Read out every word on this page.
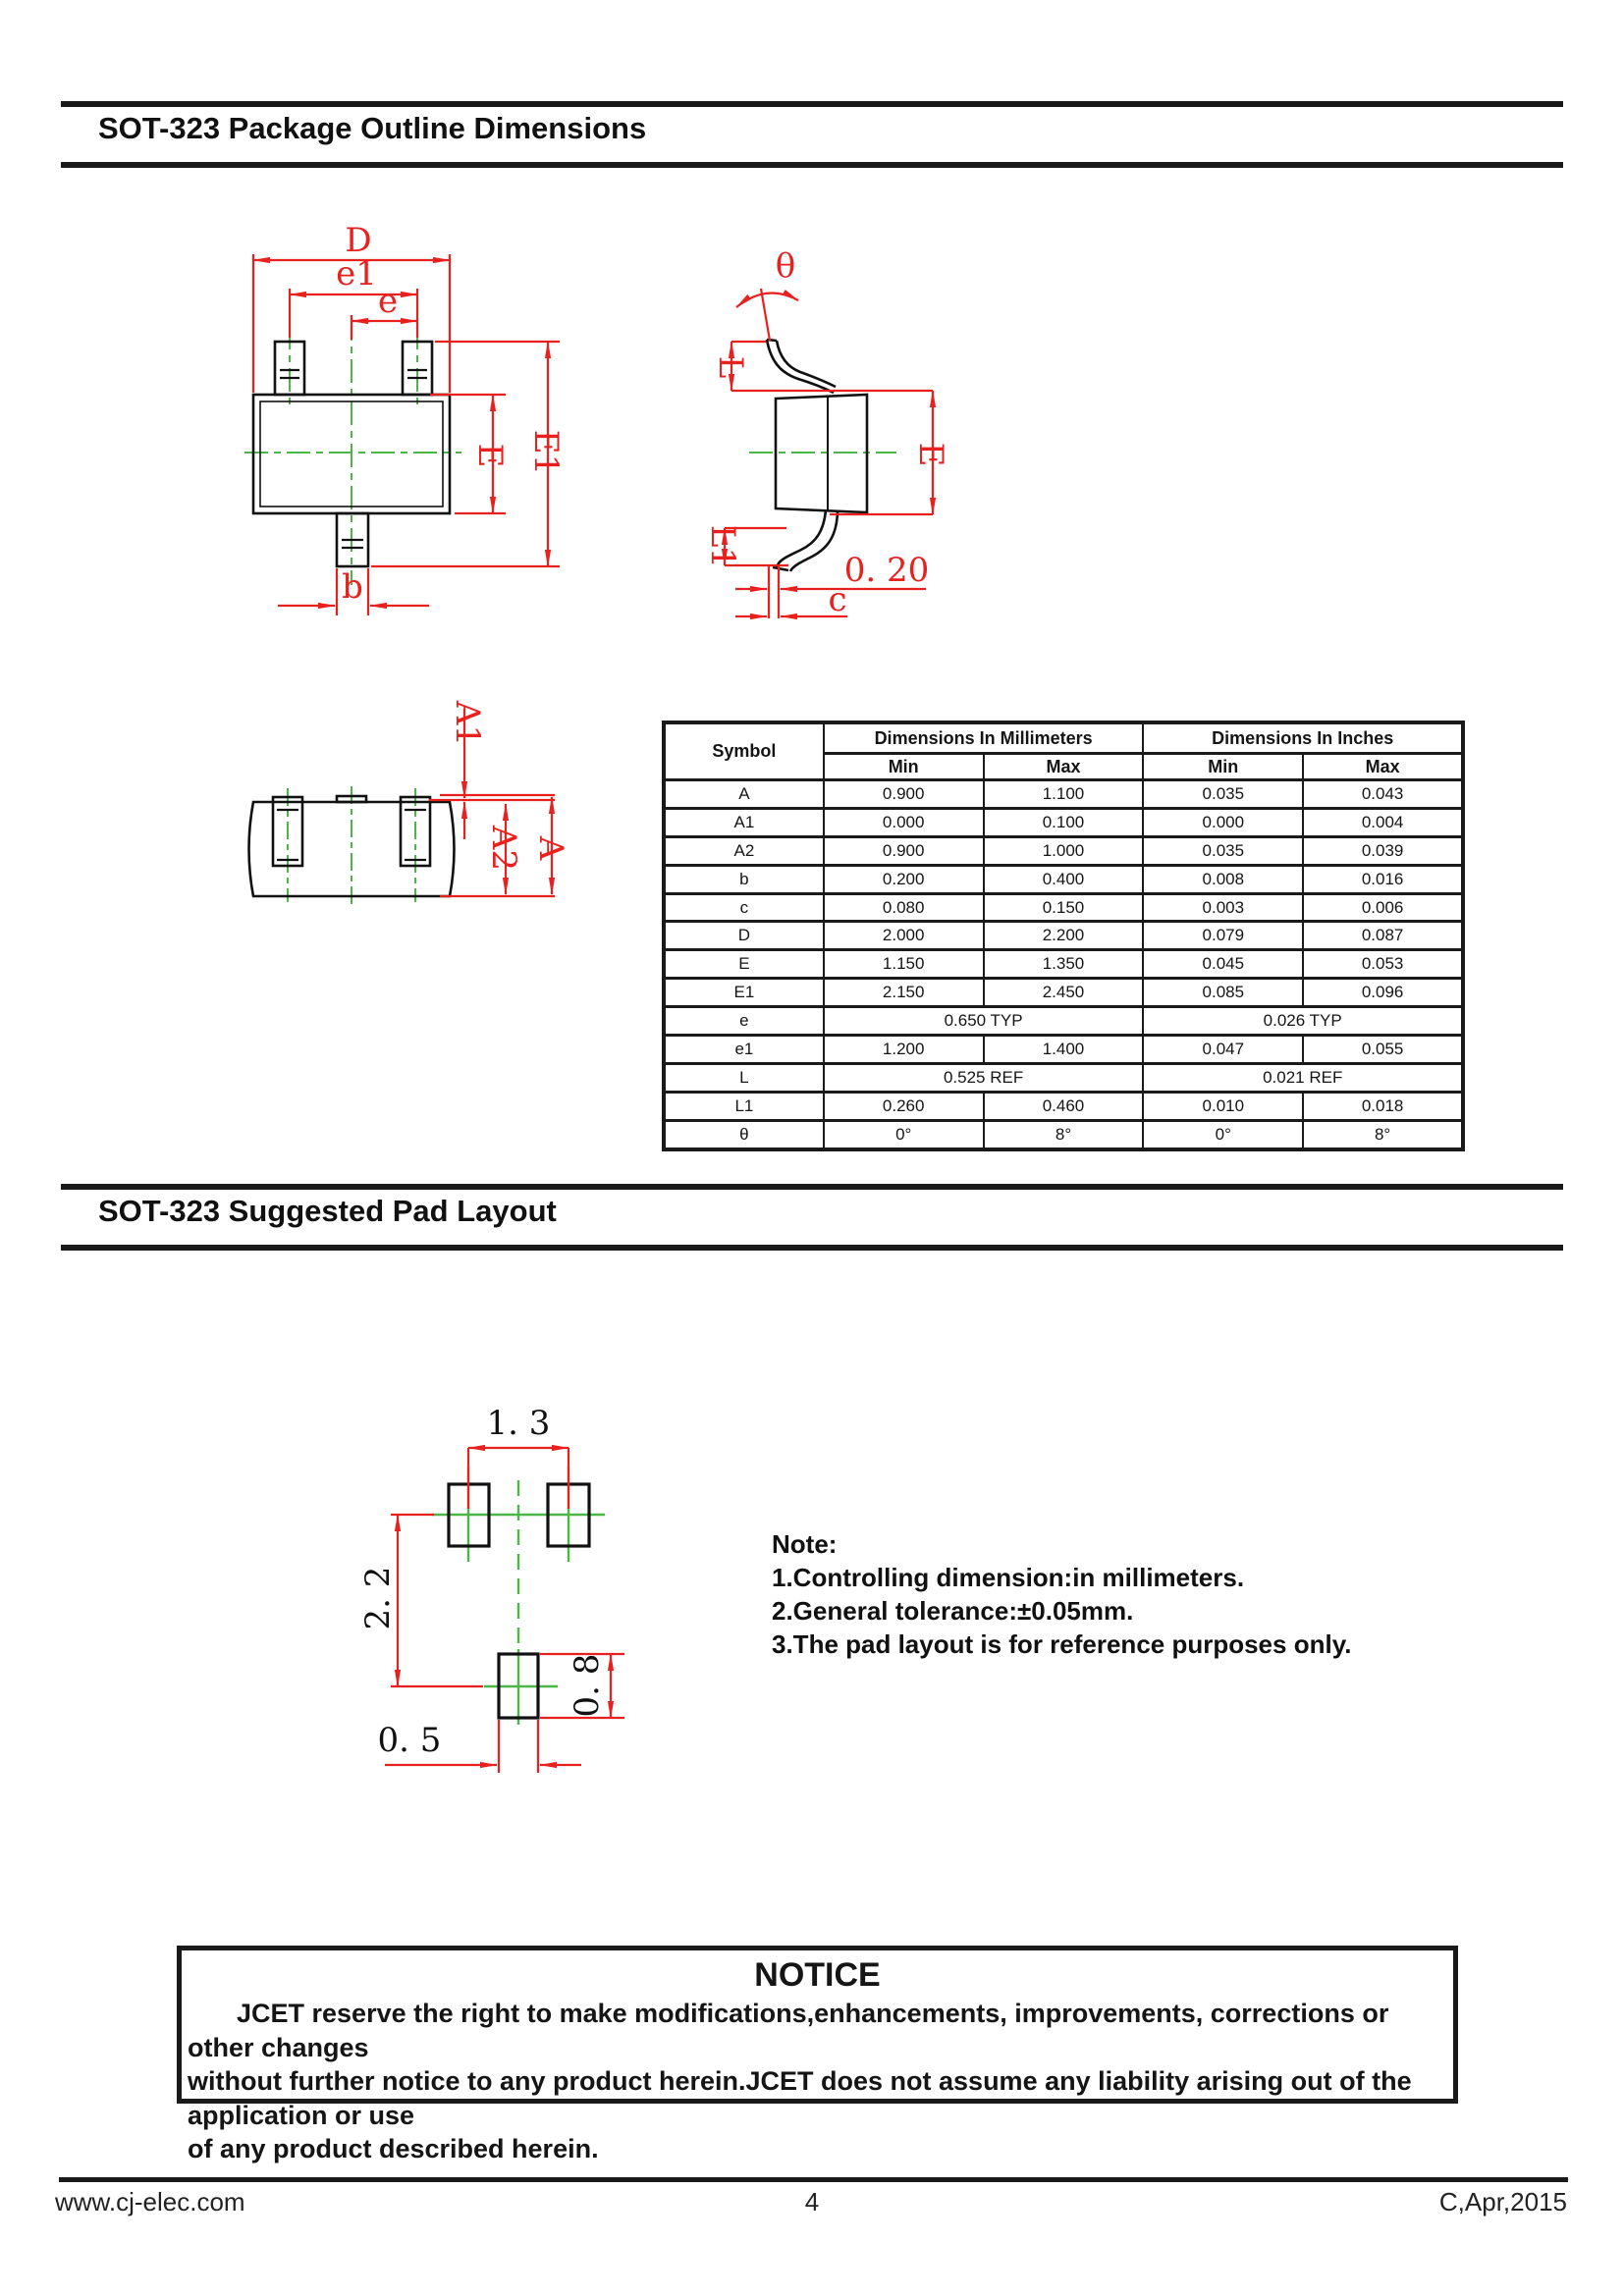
SOT-323 Package Outline Dimensions
D
e1
e
E E1
b
θ
L
E
L1
0. 20
c
A1
A2 A
Symbol	Dimensions In Millimeters		Dimensions In Inches	
	Min	Max	Min	Max
A	0.900	1.100	0.035	0.043
A1	0.000	0.100	0.000	0.004
A2	0.900	1.000	0.035	0.039
b	0.200	0.400	0.008	0.016
c	0.080	0.150	0.003	0.006
D	2.000	2.200	0.079	0.087
E	1.150	1.350	0.045	0.053
E1	2.150	2.450	0.085	0.096
e	0.650 TYP		0.026 TYP	
e1	1.200	1.400	0.047	0.055
L	0.525 REF		0.021 REF	
L1	0.260	0.460	0.010	0.018
θ	0°	8°	0°	8°
SOT-323 Suggested Pad Layout
1. 3
2. 2
0. 8
0. 5
Note:
1.Controlling dimension:in millimeters.
2.General tolerance:±0.05mm.
3.The pad layout is for reference purposes only.
NOTICE
JCET reserve the right to make modifications,enhancements, improvements, corrections or other changes
without further notice to any product herein.JCET does not assume any liability arising out of the application or use
of any product described herein.
www.cj-elec.com	4	C,Apr,2015
